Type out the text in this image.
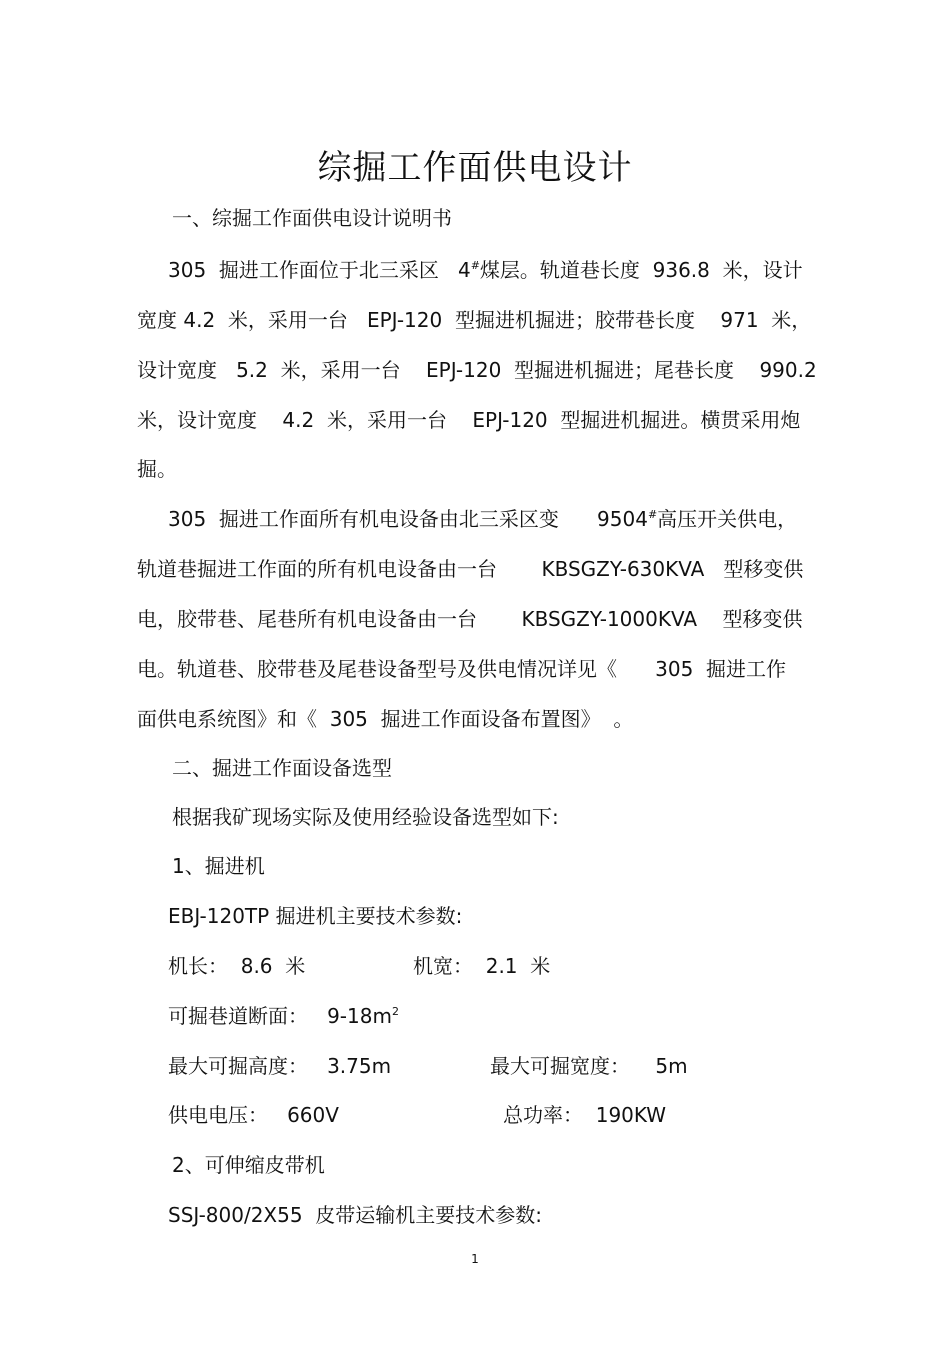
综掘工作面供电设计
一、综掘工作面供电设计说明书
305  掘进工作面位于北三采区   4#煤层。轨道巷长度  936.8  米，设计
宽度 4.2  米，采用一台   EPJ-120  型掘进机掘进；胶带巷长度    971  米，
设计宽度   5.2  米，采用一台    EPJ-120  型掘进机掘进；尾巷长度    990.2
米，设计宽度    4.2  米，采用一台    EPJ-120  型掘进机掘进。横贯采用炮
掘。
305  掘进工作面所有机电设备由北三采区变      9504#高压开关供电，
轨道巷掘进工作面的所有机电设备由一台       KBSGZY-630KVA   型移变供
电，胶带巷、尾巷所有机电设备由一台       KBSGZY-1000KVA    型移变供
电。轨道巷、胶带巷及尾巷设备型号及供电情况详见《      305  掘进工作
面供电系统图》和《  305  掘进工作面设备布置图》  。
二、掘进工作面设备选型
根据我矿现场实际及使用经验设备选型如下:
1、掘进机
EBJ-120TP 掘进机主要技术参数:
机长：  8.6  米	机宽：  2.1  米
可掘巷道断面：   $9-18m^2$
最大可掘高度：   3.75m	最大可掘宽度：    5m
供电电压：   660V	总功率：  190KW
2、可伸缩皮带机
SSJ-800/2X55  皮带运输机主要技术参数:
1
